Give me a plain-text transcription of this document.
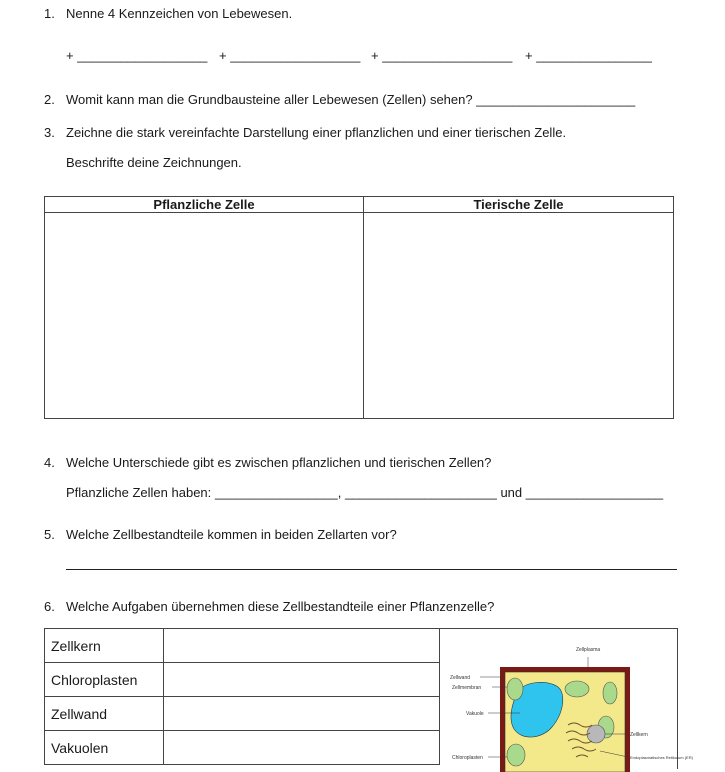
1. Nenne 4 Kennzeichen von Lebewesen.
+ __________________ + __________________ + __________________ + ________________
2. Womit kann man die Grundbausteine aller Lebewesen (Zellen) sehen? ______________________
3. Zeichne die stark vereinfachte Darstellung einer pflanzlichen und einer tierischen Zelle.
Beschrifte deine Zeichnungen.
Pflanzliche Zelle	Tierische Zelle

4. Welche Unterschiede gibt es zwischen pflanzlichen und tierischen Zellen?
Pflanzliche Zellen haben: _________________, _____________________ und ___________________
5. Welche Zellbestandteile kommen in beiden Zellarten vor?
6. Welche Aufgaben übernehmen diese Zellbestandteile einer Pflanzenzelle?
Zellkern	
Chloroplasten	
Zellwand	
Vakuolen	
Zellplasma
Zellwand
Zellmembran
Vakuole
Zellkern
Chloroplasten	Endoplasmatisches Retikulum (ER)
